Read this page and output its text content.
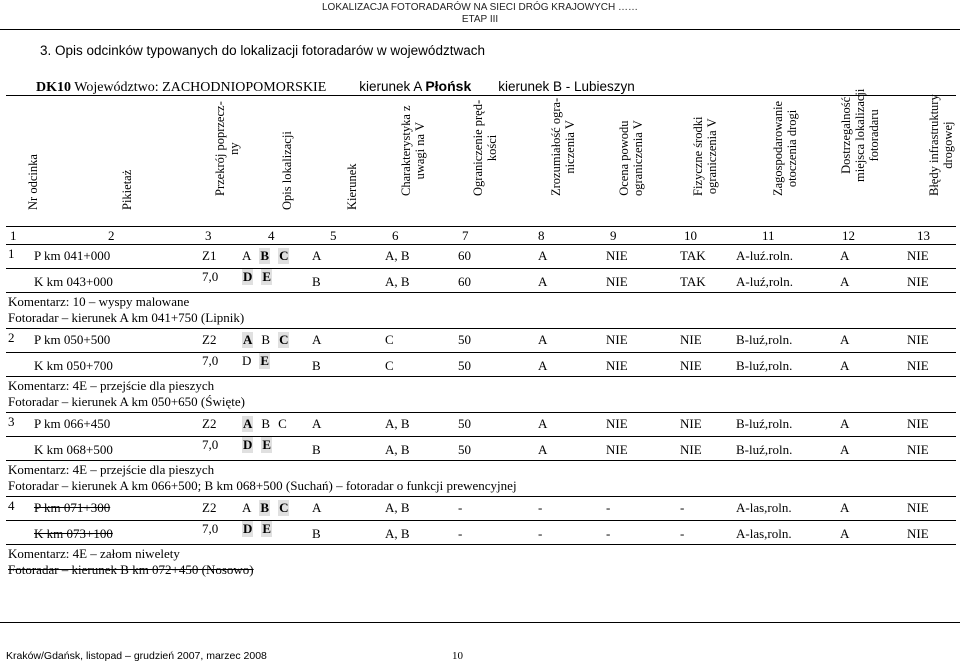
LOKALIZACJA FOTORADARÓW NA SIECI DRÓG KRAJOWYCH ……
ETAP III
3. Opis odcinków typowanych do lokalizacji fotoradarów w województwach
DK10 Województwo: ZACHODNIOPOMORSKIE kierunek A Płońsk kierunek B - Lubieszyn
Nr odcinka	Pikietaż	Przekrój poprzecz- ny	Opis lokalizacji	Kierunek	Charakterystyka z uwagi na V	Ograniczenie pręd- kości	Zrozumiałość ogra- niczenia V	Ocena powodu ograniczenia V	Fizyczne środki ograniczenia V	Zagospodarowanie otoczenia drogi	Dostrzegalność miejsca lokalizacji fotoradaru	Błędy infrastruktury drogowej
1	2	3	4	5	6	7	8	9	10	11	12	13
1 P km 041+000	Z1 A B C	A	A, B	60	A	NIE	TAK A-luź.roln.	A	NIE
K km 043+000	7,0 D E	B	A, B	60	A	NIE	TAK A-luź,roln.	A	NIE
Komentarz: 10 – wyspy malowane
Fotoradar – kierunek A km 041+750 (Lipnik)
2 P km 050+500	Z2 A B C	A	C	50	A	NIE	NIE	B-luź,roln.	A	NIE
K km 050+700	7,0 D E	B	C	50	A	NIE	NIE	B-luź,roln.	A	NIE
Komentarz: 4E – przejście dla pieszych
Fotoradar – kierunek A km 050+650 (Święte)
3 P km 066+450	Z2 A B C	A	A, B	50	A	NIE	NIE	B-luź,roln.	A	NIE
K km 068+500	7,0 D E	B	A, B	50	A	NIE	NIE	B-luź,roln.	A	NIE
Komentarz: 4E – przejście dla pieszych
Fotoradar – kierunek A km 066+500; B km 068+500 (Suchań) – fotoradar o funkcji prewencyjnej
4 P km 071+300	Z2 A B C	A	A, B	-	-	-	-	A-las,roln.	A	NIE
K km 073+100	7,0 D E	B	A, B	-	-	-	-	A-las,roln.	A	NIE
Komentarz: 4E – załom niwelety
Fotoradar – kierunek B km 072+450 (Nosowo)
Kraków/Gdańsk, listopad – grudzień 2007, marzec 2008	10
